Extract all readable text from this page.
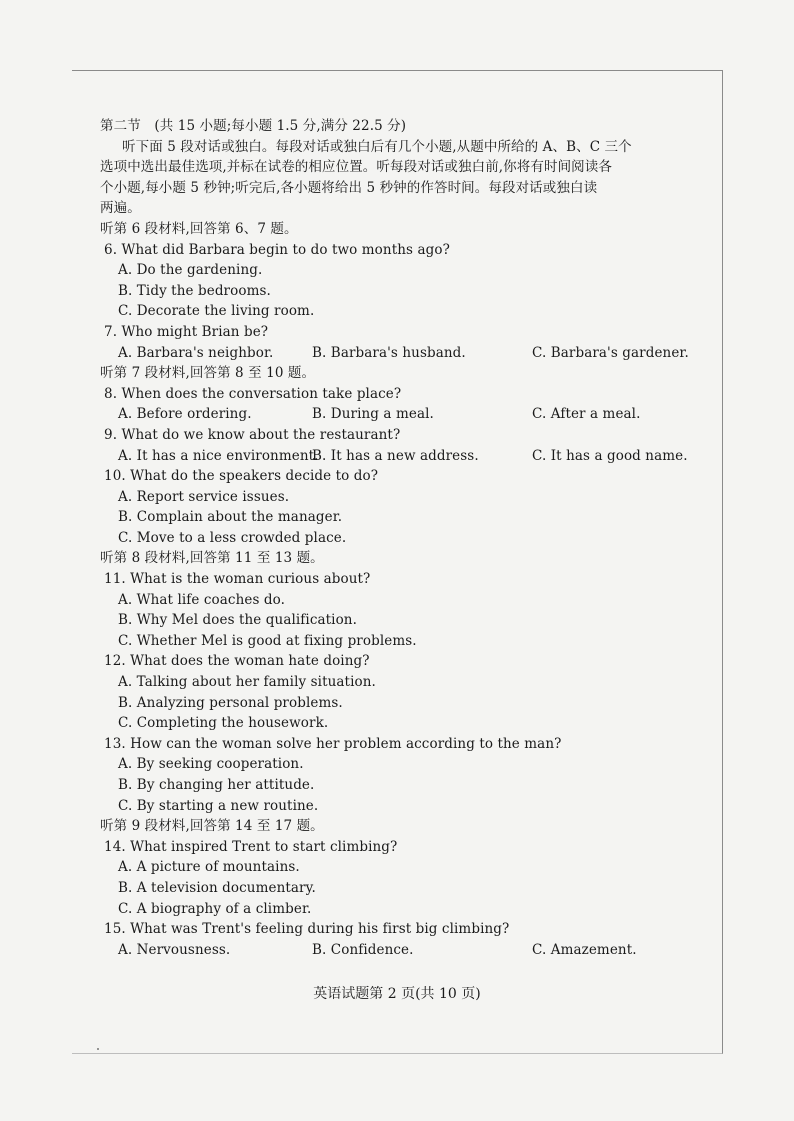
第二节　(共 15 小题;每小题 1.5 分,满分 22.5 分)
听下面 5 段对话或独白。每段对话或独白后有几个小题,从题中所给的 A、B、C 三个
选项中选出最佳选项,并标在试卷的相应位置。听每段对话或独白前,你将有时间阅读各
个小题,每小题 5 秒钟;听完后,各小题将给出 5 秒钟的作答时间。每段对话或独白读
两遍。
听第 6 段材料,回答第 6、7 题。
6. What did Barbara begin to do two months ago?
A. Do the gardening.
B. Tidy the bedrooms.
C. Decorate the living room.
7. Who might Brian be?
A. Barbara's neighbor.	B. Barbara's husband.	C. Barbara's gardener.
听第 7 段材料,回答第 8 至 10 题。
8. When does the conversation take place?
A. Before ordering.	B. During a meal.	C. After a meal.
9. What do we know about the restaurant?
A. It has a nice environment.
B. It has a new address.	C. It has a good name.
10. What do the speakers decide to do?
A. Report service issues.
B. Complain about the manager.
C. Move to a less crowded place.
听第 8 段材料,回答第 11 至 13 题。
11. What is the woman curious about?
A. What life coaches do.
B. Why Mel does the qualification.
C. Whether Mel is good at fixing problems.
12. What does the woman hate doing?
A. Talking about her family situation.
B. Analyzing personal problems.
C. Completing the housework.
13. How can the woman solve her problem according to the man?
A. By seeking cooperation.
B. By changing her attitude.
C. By starting a new routine.
听第 9 段材料,回答第 14 至 17 题。
14. What inspired Trent to start climbing?
A. A picture of mountains.
B. A television documentary.
C. A biography of a climber.
15. What was Trent's feeling during his first big climbing?
A. Nervousness.	B. Confidence.	C. Amazement.
英语试题第 2 页(共 10 页)
